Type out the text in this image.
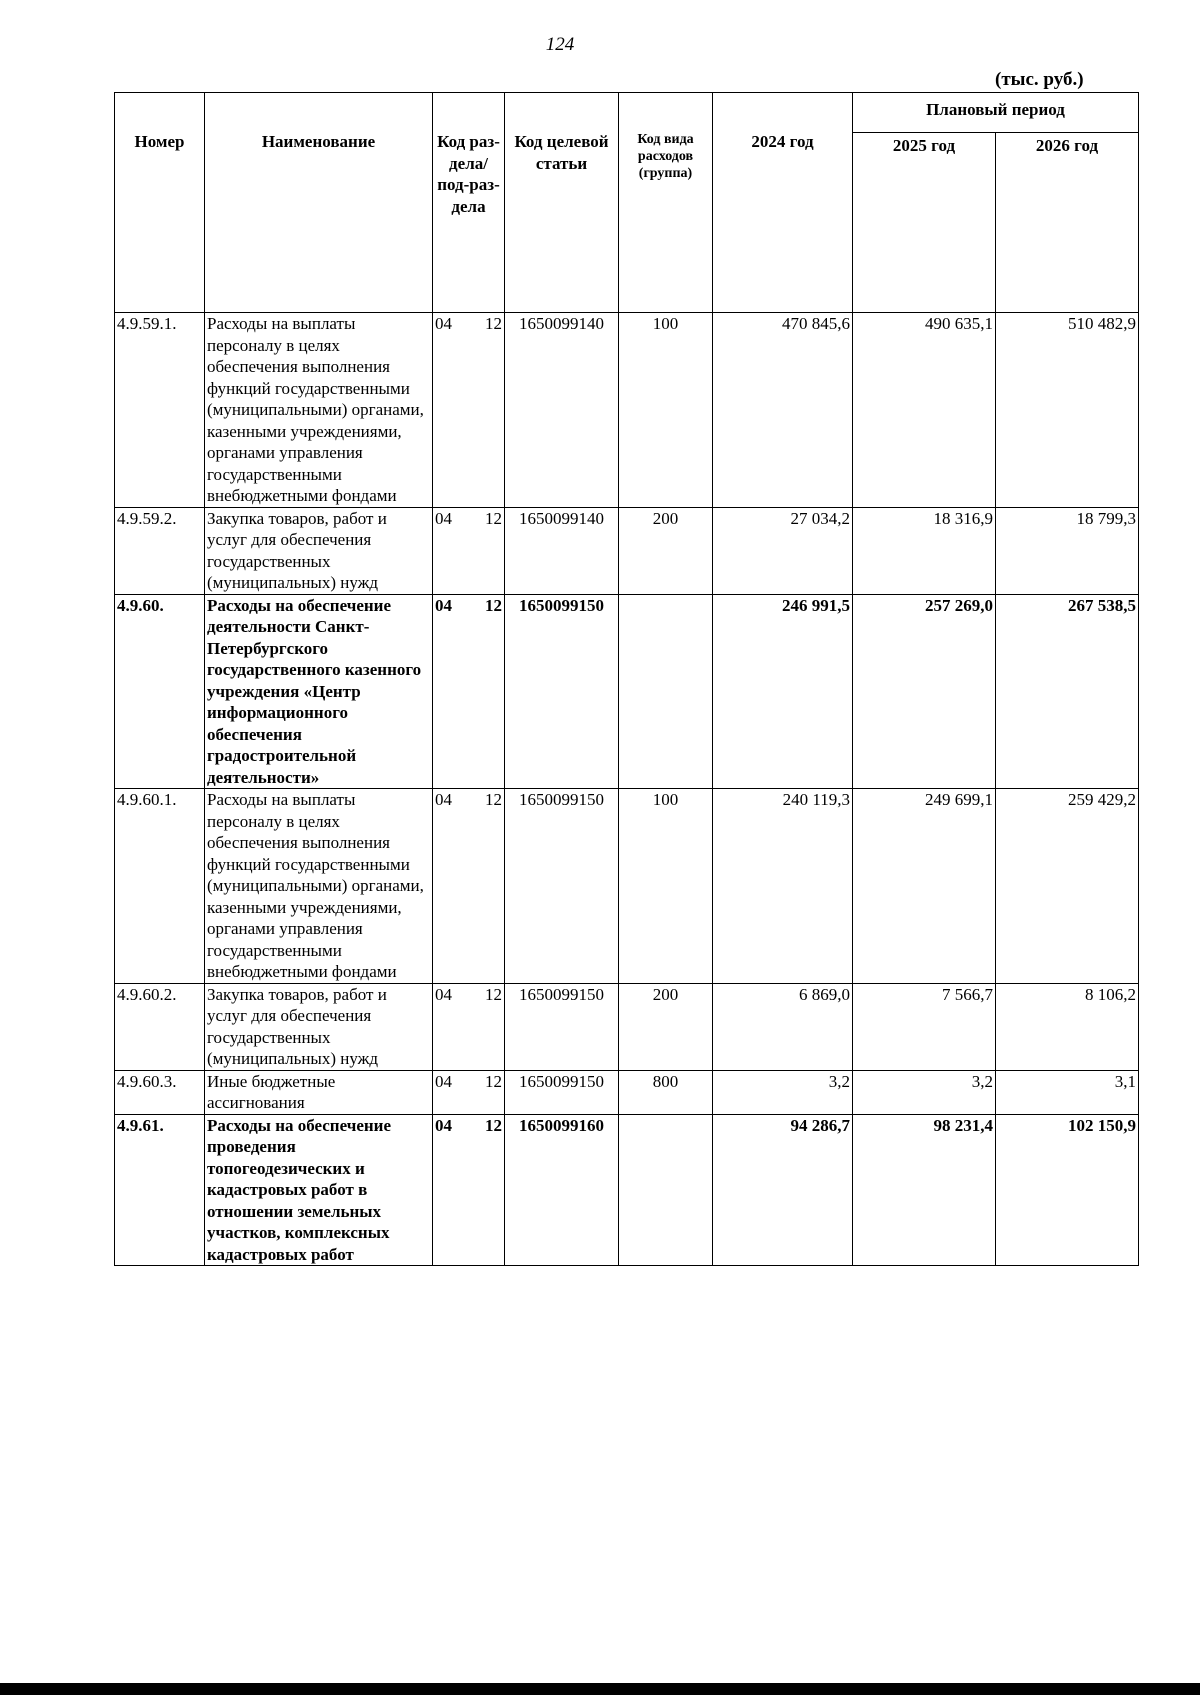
124
(тыс. руб.)
Номер	Наименование	Код раз-дела/ под-раз-дела	Код целевой статьи	Код вида расходов (группа)	2024 год	Плановый период	
						2025 год	2026 год
4.9.59.1.	Расходы на выплаты персоналу в целях обеспечения выполнения функций государственными (муниципальными) органами, казенными учреждениями, органами управления государственными внебюджетными фондами	04 12	1650099140	100	470 845,6	490 635,1	510 482,9
4.9.59.2.	Закупка товаров, работ и услуг для обеспечения государственных (муниципальных) нужд	04 12	1650099140	200	27 034,2	18 316,9	18 799,3
4.9.60.	Расходы на обеспечение деятельности Санкт-Петербургского государственного казенного учреждения «Центр информационного обеспечения градостроительной деятельности»	04 12	1650099150		246 991,5	257 269,0	267 538,5
4.9.60.1.	Расходы на выплаты персоналу в целях обеспечения выполнения функций государственными (муниципальными) органами, казенными учреждениями, органами управления государственными внебюджетными фондами	04 12	1650099150	100	240 119,3	249 699,1	259 429,2
4.9.60.2.	Закупка товаров, работ и услуг для обеспечения государственных (муниципальных) нужд	04 12	1650099150	200	6 869,0	7 566,7	8 106,2
4.9.60.3.	Иные бюджетные ассигнования	04 12	1650099150	800	3,2	3,2	3,1
4.9.61.	Расходы на обеспечение проведения топогеодезических и кадастровых работ в отношении земельных участков, комплексных кадастровых работ	04 12	1650099160		94 286,7	98 231,4	102 150,9
